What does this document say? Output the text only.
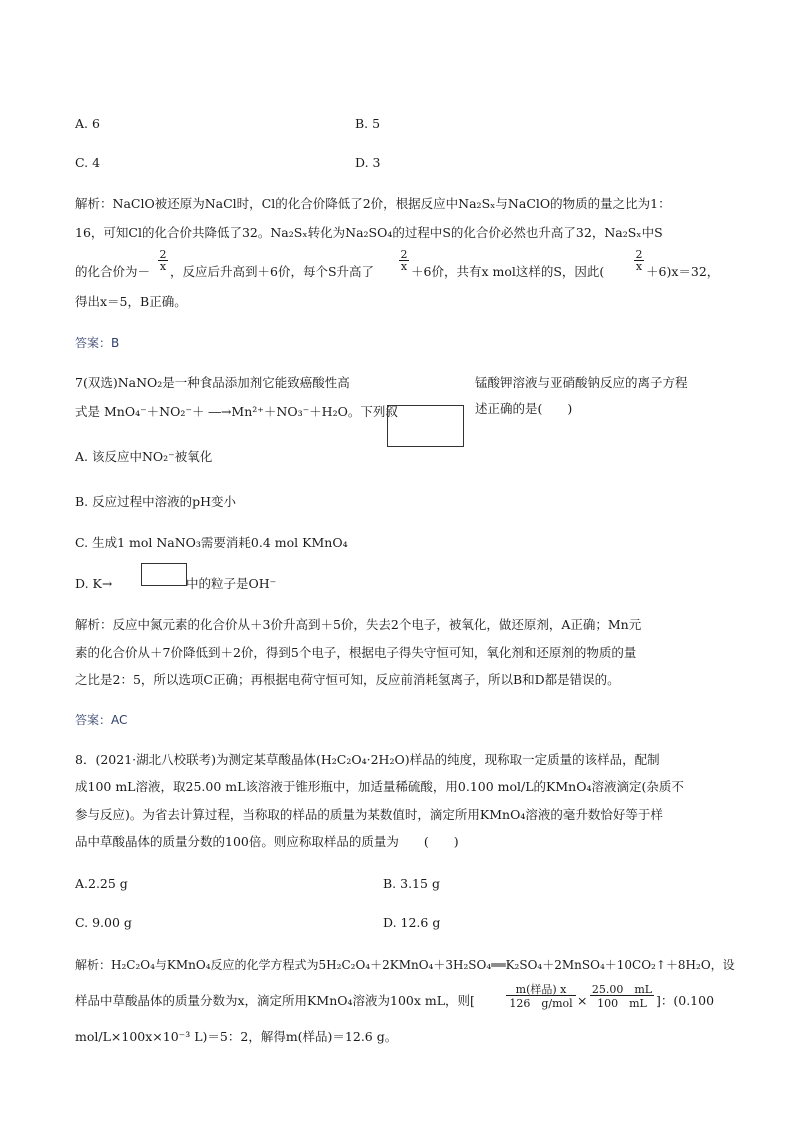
A. 6	B. 5
C. 4	D. 3
解析：NaClO被还原为NaCl时，Cl的化合价降低了2价，根据反应中Na₂Sₓ与NaClO的物质的量之比为1：
16，可知Cl的化合价共降低了32。Na₂Sₓ转化为Na₂SO₄的过程中S的化合价必然也升高了32，Na₂Sₓ中S
的化合价为－ $\frac{2}{x}$ ，反应后升高到＋6价，每个S升高了 $\frac{2}{x} +6$价，共有x mol这样的S，因此(	$\frac{2}{x} +6)x=32$，
得出x＝5，B正确。
答案：B
7(双选)NaNO₂是一种食品添加剂它能致癌酸性高	锰酸钾溶液与亚硝酸钠反应的离子方程
式是 MnO₄⁻＋NO₂⁻＋ ―→Mn²⁺＋NO₃⁻＋H₂O。下列叙	述正确的是(　　)
A. 该反应中NO₂⁻被氧化
B. 反应过程中溶液的pH变小
C. 生成1 mol NaNO₃需要消耗0.4 mol KMnO₄
D. K→	中的粒子是OH⁻
解析：反应中氮元素的化合价从＋3价升高到＋5价，失去2个电子，被氧化，做还原剂，A正确；Mn元
素的化合价从＋7价降低到＋2价，得到5个电子，根据电子得失守恒可知，氧化剂和还原剂的物质的量
之比是2：5，所以选项C正确；再根据电荷守恒可知，反应前消耗氢离子，所以B和D都是错误的。
答案：AC
8．(2021·湖北八校联考)为测定某草酸晶体(H₂C₂O₄·2H₂O)样品的纯度，现称取一定质量的该样品，配制
成100 mL溶液，取25.00 mL该溶液于锥形瓶中，加适量稀硫酸，用0.100 mol/L的KMnO₄溶液滴定(杂质不
参与反应)。为省去计算过程，当称取的样品的质量为某数值时，滴定所用KMnO₄溶液的毫升数恰好等于样
品中草酸晶体的质量分数的100倍。则应称取样品的质量为　　(　　)
A.2.25 g	B. 3.15 g
C. 9.00 g	D. 12.6 g
解析：H₂C₂O₄与KMnO₄反应的化学方程式为5H₂C₂O₄＋2KMnO₄＋3H₂SO₄══K₂SO₄＋2MnSO₄＋10CO₂↑＋8H₂O，设
样品中草酸晶体的质量分数为x，滴定所用KMnO₄溶液为100x mL，则[
m(样品) x
126　$g/mol \times \frac{25.00 mL}{100 mL}$ ]：(0.100
mol/L×100x×10⁻³ L)＝5：2，解得m(样品)＝12.6 g。
